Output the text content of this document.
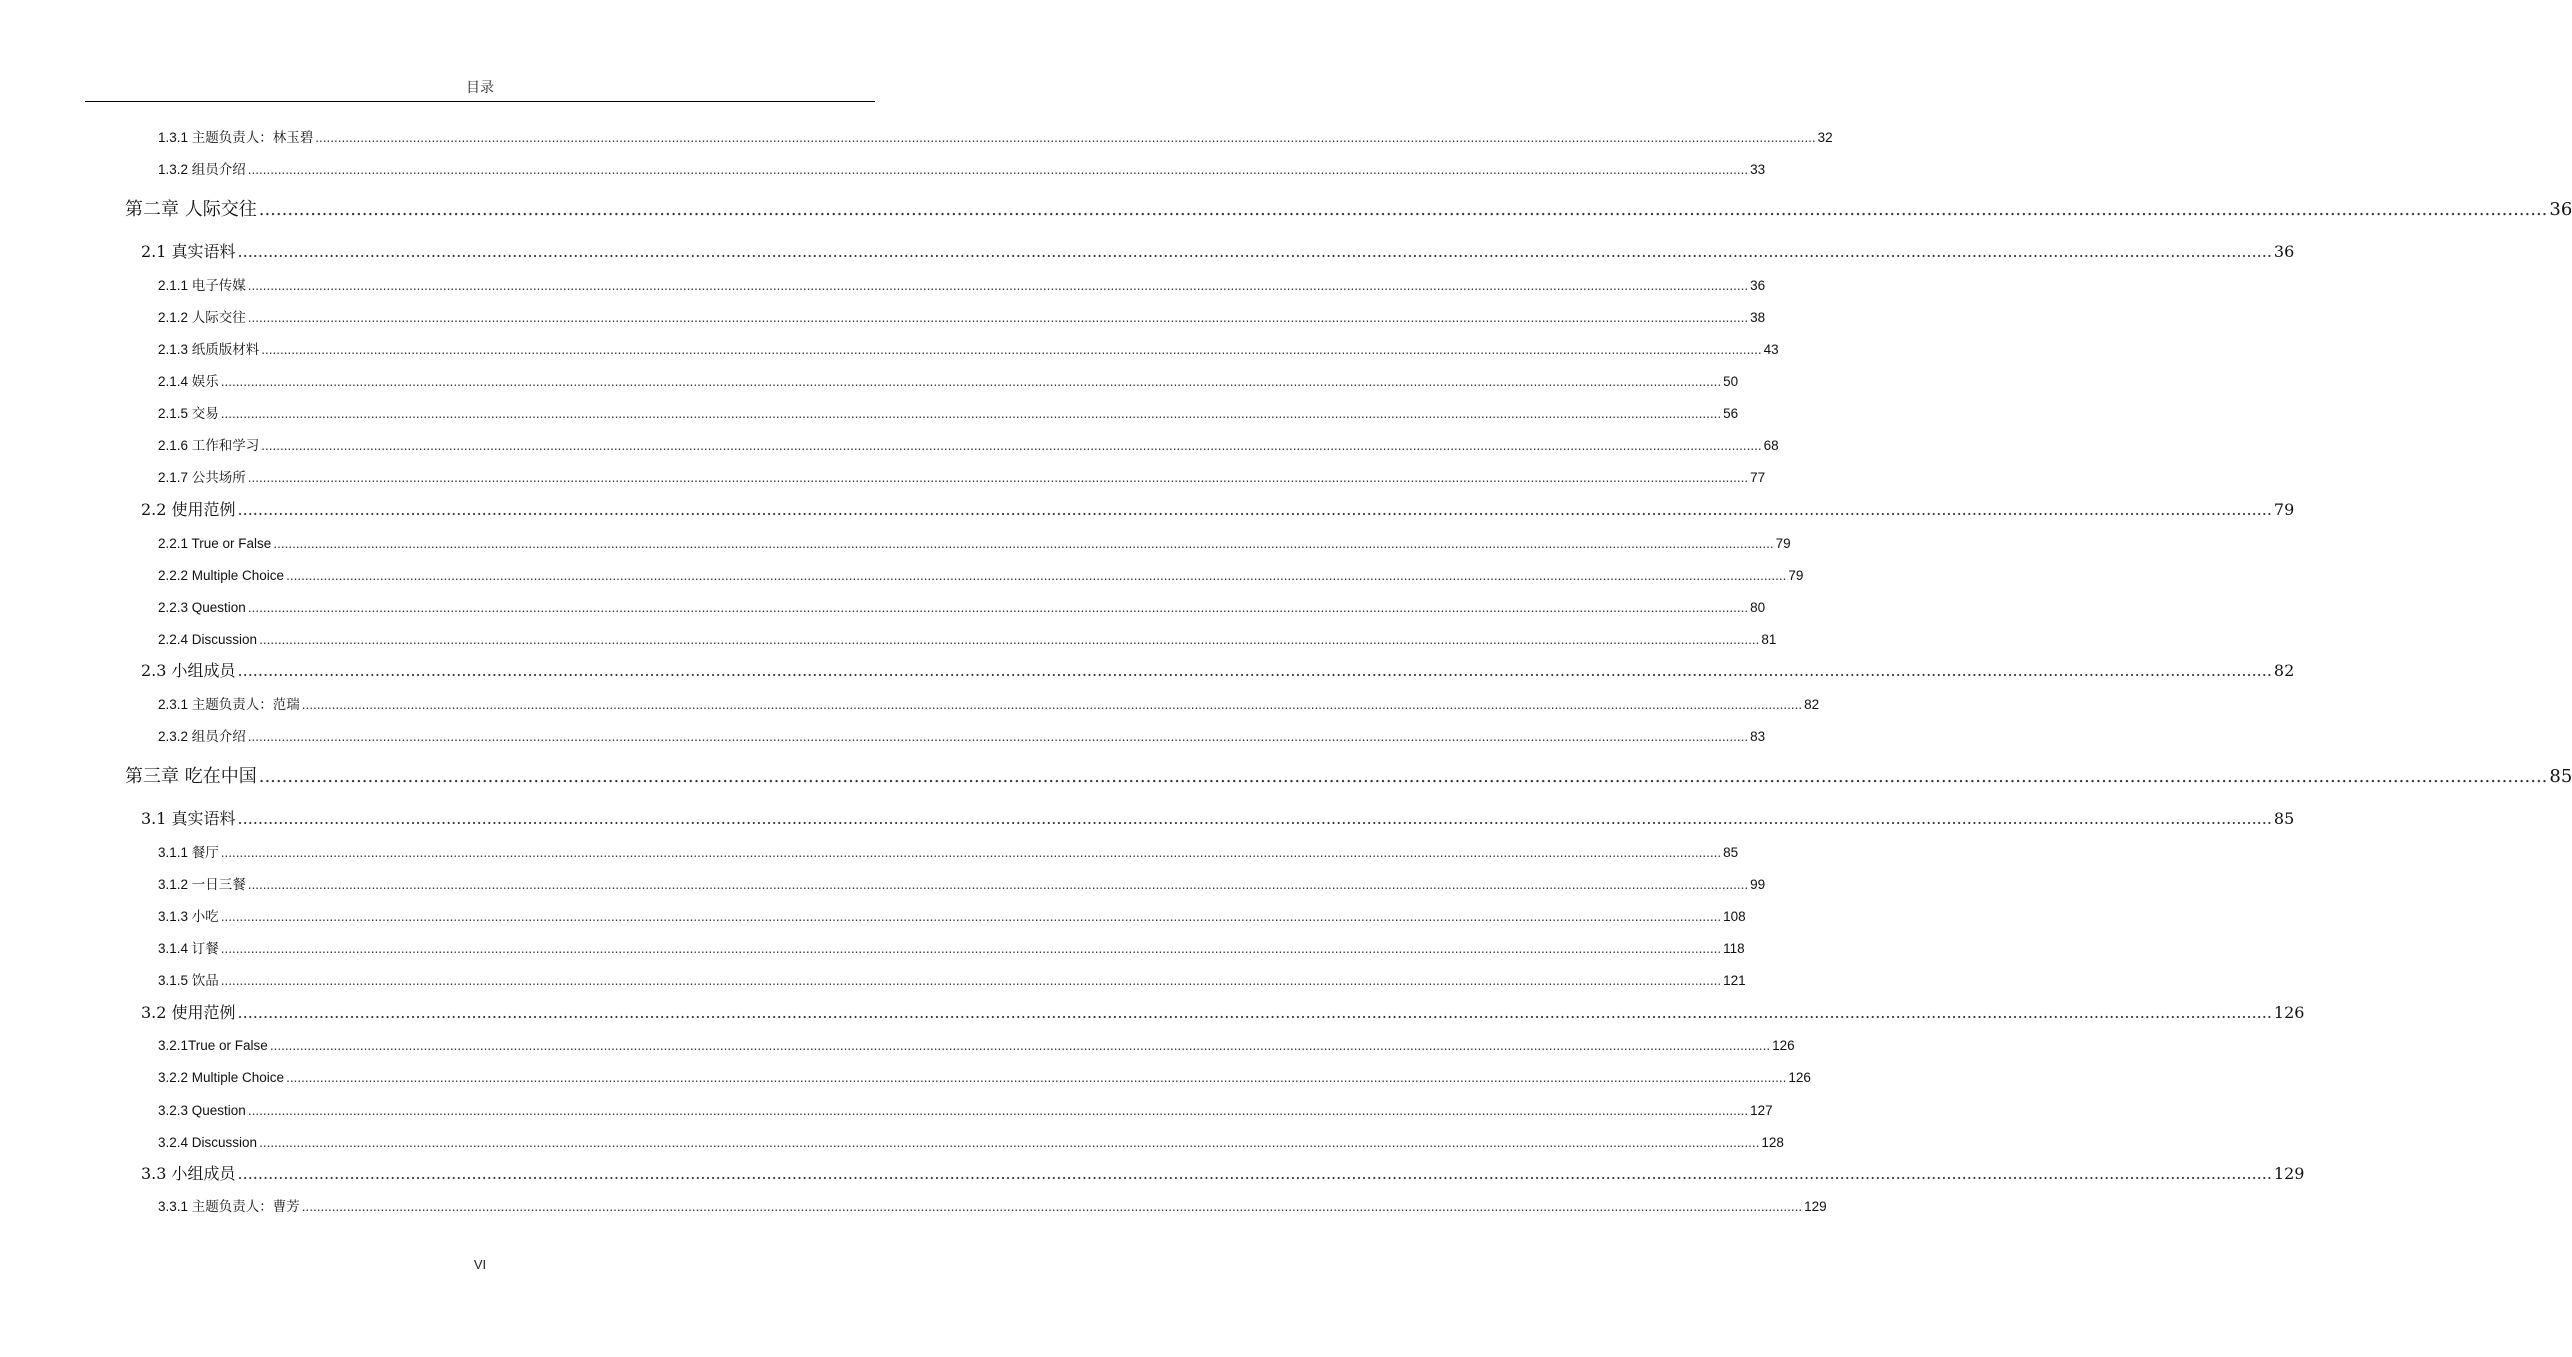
目录
1.3.1 主题负责人：林玉碧 ................................................................................................................................................................................................................................................................................................................................................................................................................ 32
1.3.2 组员介绍 ................................................................................................................................................................................................................................................................................................................................................................................................................ 33
第二章 人际交往 ................................................................................................................................................................................................................................................................................................................................................................................................................ 36
2.1 真实语料 ................................................................................................................................................................................................................................................................................................................................................................................................................ 36
2.1.1 电子传媒 ................................................................................................................................................................................................................................................................................................................................................................................................................ 36
2.1.2 人际交往 ................................................................................................................................................................................................................................................................................................................................................................................................................ 38
2.1.3 纸质版材料 ................................................................................................................................................................................................................................................................................................................................................................................................................ 43
2.1.4 娱乐 ................................................................................................................................................................................................................................................................................................................................................................................................................ 50
2.1.5 交易 ................................................................................................................................................................................................................................................................................................................................................................................................................ 56
2.1.6 工作和学习 ................................................................................................................................................................................................................................................................................................................................................................................................................ 68
2.1.7 公共场所 ................................................................................................................................................................................................................................................................................................................................................................................................................ 77
2.2 使用范例 ................................................................................................................................................................................................................................................................................................................................................................................................................ 79
2.2.1 True or False ................................................................................................................................................................................................................................................................................................................................................................................................................ 79
2.2.2 Multiple Choice ................................................................................................................................................................................................................................................................................................................................................................................................................ 79
2.2.3 Question ................................................................................................................................................................................................................................................................................................................................................................................................................ 80
2.2.4 Discussion ................................................................................................................................................................................................................................................................................................................................................................................................................ 81
2.3 小组成员 ................................................................................................................................................................................................................................................................................................................................................................................................................ 82
2.3.1 主题负责人：范瑞 ................................................................................................................................................................................................................................................................................................................................................................................................................ 82
2.3.2 组员介绍 ................................................................................................................................................................................................................................................................................................................................................................................................................ 83
第三章 吃在中国 ................................................................................................................................................................................................................................................................................................................................................................................................................ 85
3.1 真实语料 ................................................................................................................................................................................................................................................................................................................................................................................................................ 85
3.1.1 餐厅 ................................................................................................................................................................................................................................................................................................................................................................................................................ 85
3.1.2 一日三餐 ................................................................................................................................................................................................................................................................................................................................................................................................................ 99
3.1.3 小吃 ................................................................................................................................................................................................................................................................................................................................................................................................................ 108
3.1.4 订餐 ................................................................................................................................................................................................................................................................................................................................................................................................................ 118
3.1.5 饮品 ................................................................................................................................................................................................................................................................................................................................................................................................................ 121
3.2 使用范例 ................................................................................................................................................................................................................................................................................................................................................................................................................ 126
3.2.1True or False ................................................................................................................................................................................................................................................................................................................................................................................................................ 126
3.2.2 Multiple Choice ................................................................................................................................................................................................................................................................................................................................................................................................................ 126
3.2.3 Question ................................................................................................................................................................................................................................................................................................................................................................................................................ 127
3.2.4 Discussion ................................................................................................................................................................................................................................................................................................................................................................................................................ 128
3.3 小组成员 ................................................................................................................................................................................................................................................................................................................................................................................................................ 129
3.3.1 主题负责人：曹芳 ................................................................................................................................................................................................................................................................................................................................................................................................................ 129
VI
